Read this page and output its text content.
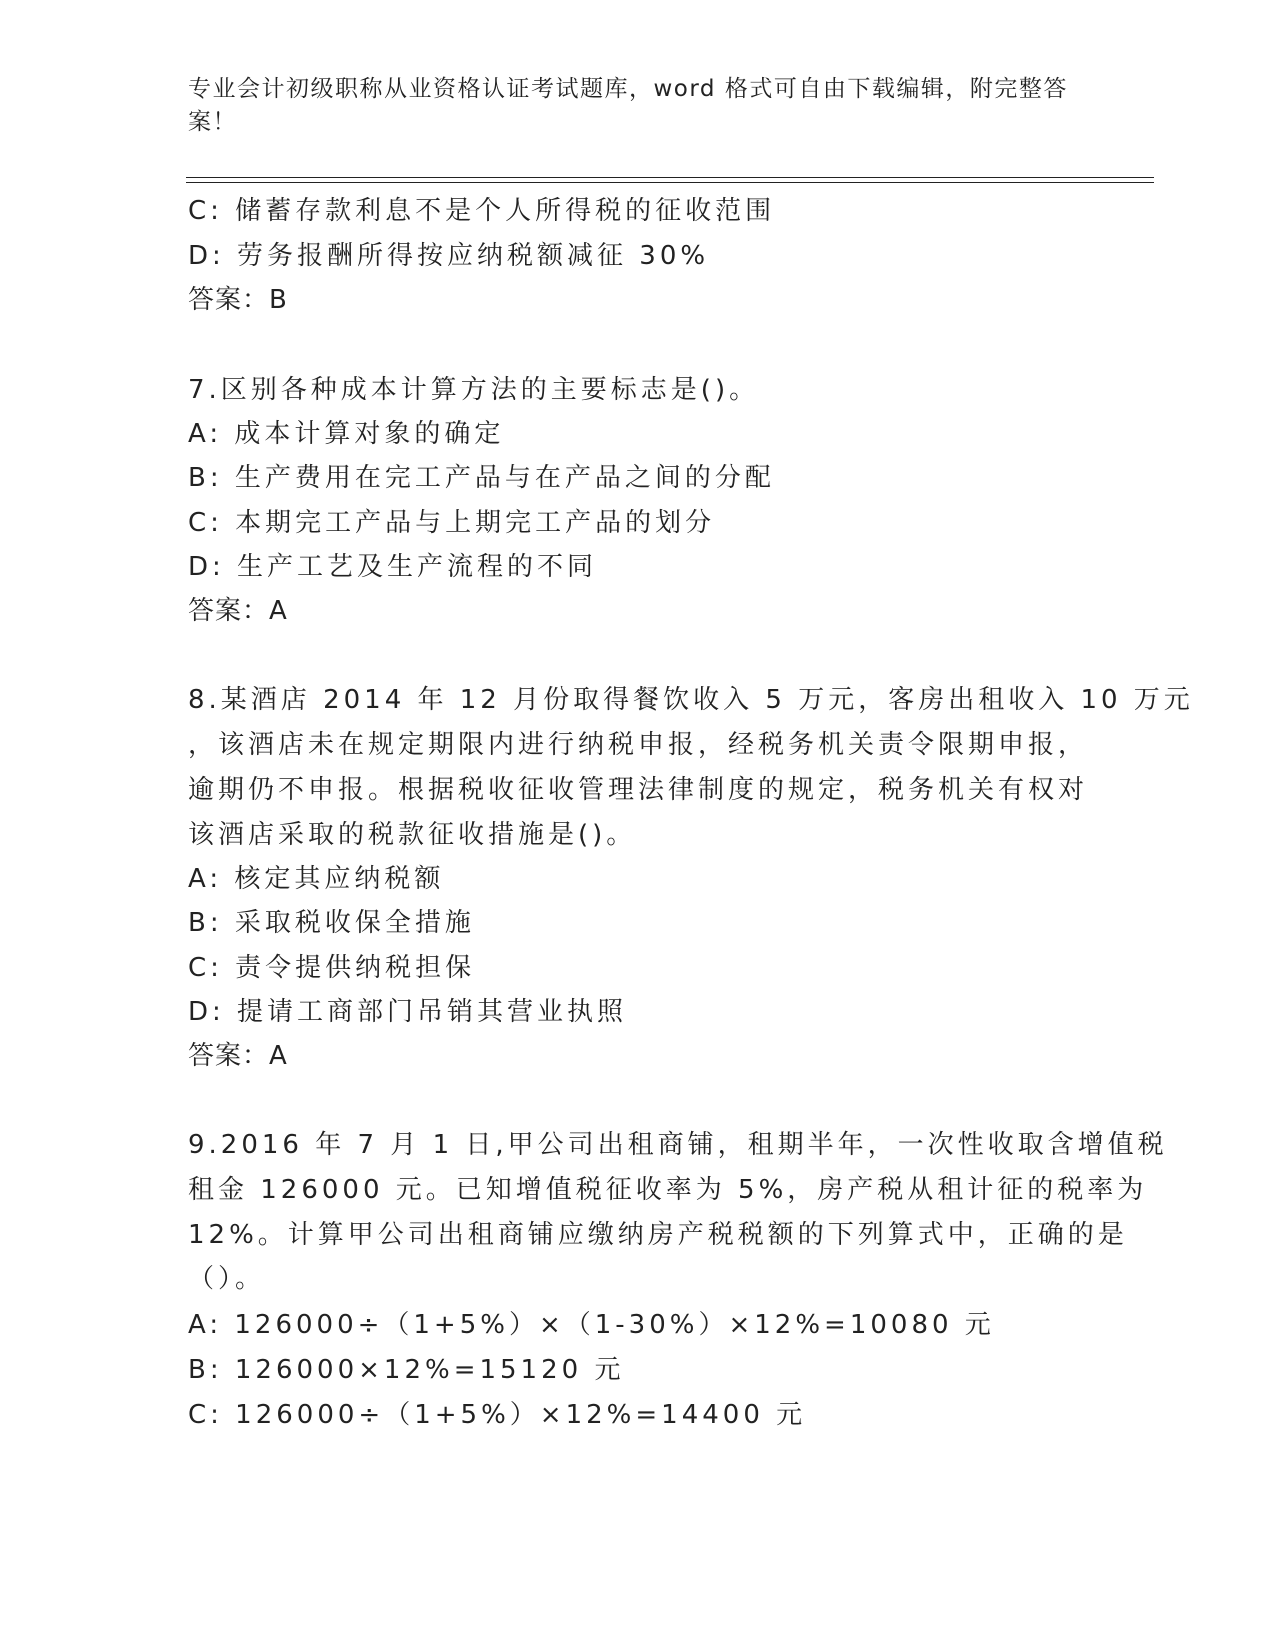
专业会计初级职称从业资格认证考试题库，word 格式可自由下载编辑，附完整答案！
C: 储蓄存款利息不是个人所得税的征收范围
D: 劳务报酬所得按应纳税额减征 30%
答案：B
7.区别各种成本计算方法的主要标志是()。
A: 成本计算对象的确定
B: 生产费用在完工产品与在产品之间的分配
C: 本期完工产品与上期完工产品的划分
D: 生产工艺及生产流程的不同
答案：A
8.某酒店 2014 年 12 月份取得餐饮收入 5 万元，客房出租收入 10 万元
，该酒店未在规定期限内进行纳税申报，经税务机关责令限期申报，
逾期仍不申报。根据税收征收管理法律制度的规定，税务机关有权对
该酒店采取的税款征收措施是()。
A: 核定其应纳税额
B: 采取税收保全措施
C: 责令提供纳税担保
D: 提请工商部门吊销其营业执照
答案：A
9.2016 年 7 月 1 日,甲公司出租商铺，租期半年，一次性收取含增值税
租金 126000 元。已知增值税征收率为 5%，房产税从租计征的税率为
12%。计算甲公司出租商铺应缴纳房产税税额的下列算式中，正确的是
（）。
A: 126000÷（1+5%）×（1-30%）×12%=10080 元
B: 126000×12%=15120 元
C: 126000÷（1+5%）×12%=14400 元
